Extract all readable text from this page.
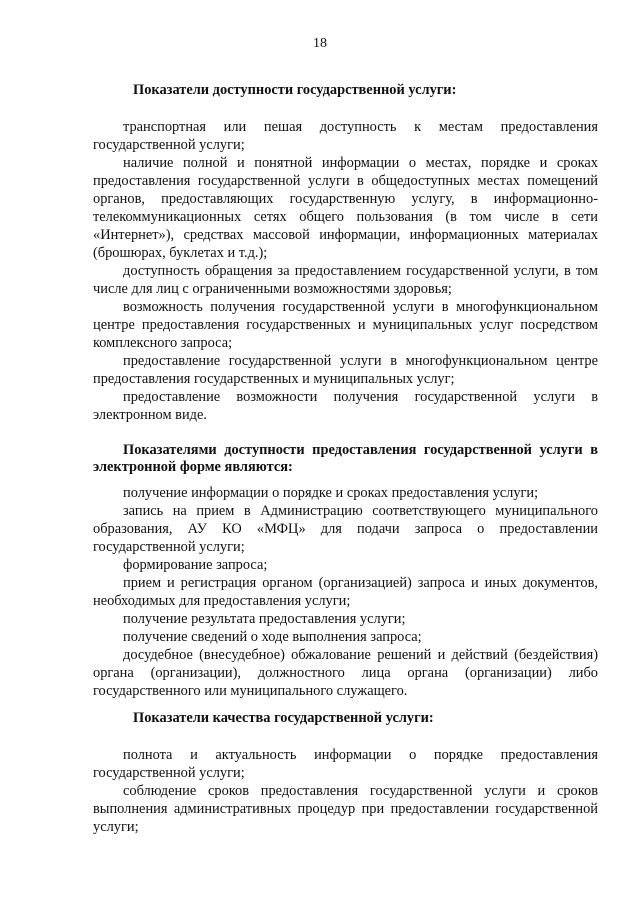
18
Показатели доступности государственной услуги:
транспортная или пешая доступность к местам предоставления государственной услуги;
наличие полной и понятной информации о местах, порядке и сроках предоставления государственной услуги в общедоступных местах помещений органов, предоставляющих государственную услугу, в информационно-телекоммуникационных сетях общего пользования (в том числе в сети «Интернет»), средствах массовой информации, информационных материалах (брошюрах, буклетах и т.д.);
доступность обращения за предоставлением государственной услуги, в том числе для лиц с ограниченными возможностями здоровья;
возможность получения государственной услуги в многофункциональном центре предоставления государственных и муниципальных услуг посредством комплексного запроса;
предоставление государственной услуги в многофункциональном центре предоставления государственных и муниципальных услуг;
предоставление возможности получения государственной услуги в электронном виде.
Показателями доступности предоставления государственной услуги в электронной форме являются:
получение информации о порядке и сроках предоставления услуги;
запись на прием в Администрацию соответствующего муниципального образования, АУ КО «МФЦ» для подачи запроса о предоставлении государственной услуги;
формирование запроса;
прием и регистрация органом (организацией) запроса и иных документов, необходимых для предоставления услуги;
получение результата предоставления услуги;
получение сведений о ходе выполнения запроса;
досудебное (внесудебное) обжалование решений и действий (бездействия) органа (организации), должностного лица органа (организации) либо государственного или муниципального служащего.
Показатели качества государственной услуги:
полнота и актуальность информации о порядке предоставления государственной услуги;
соблюдение сроков предоставления государственной услуги и сроков выполнения административных процедур при предоставлении государственной услуги;
